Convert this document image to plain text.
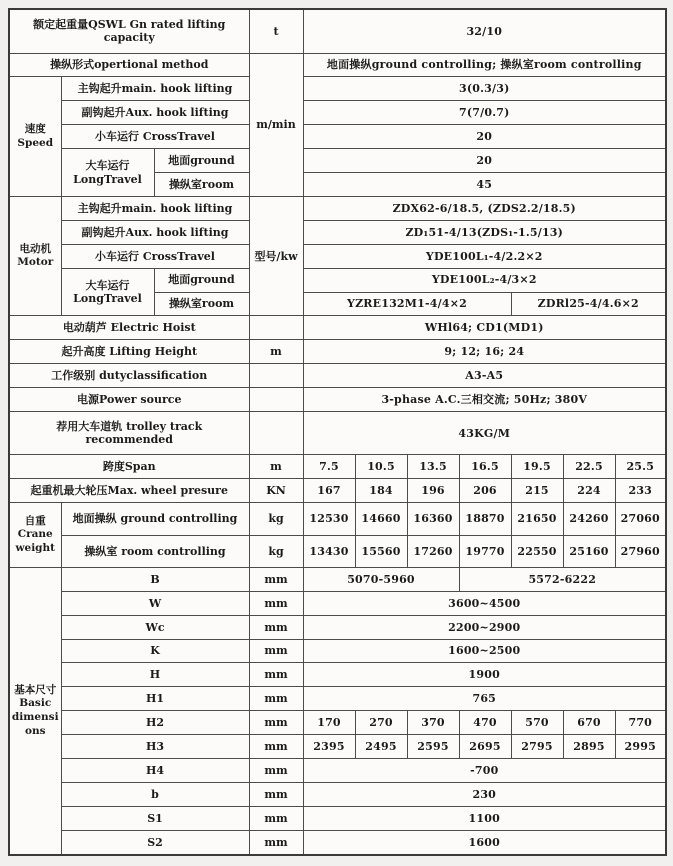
额定起重量QSWL Gn rated lifting capacity			t	32/10						
操纵形式opertional method			m/min	地面操纵ground controlling; 操纵室room controlling						

速度
Speed	主钩起升main. hook lifting			3(0.3/3)						
	副钩起升Aux. hook lifting			7(7/0.7)						
	小车运行 CrossTravel			20						

	大车运行
LongTravel	地面ground		20						
		操纵室room		45						

电动机
Motor	主钩起升main. hook lifting		型号/kw	ZDX62-6/18.5, (ZDS2.2/18.5)						
	副钩起升Aux. hook lifting			ZD₁51-4/13(ZDS₁-1.5/13)						
	小车运行 CrossTravel			YDE100L₁-4/2.2×2						

	大车运行
LongTravel	地面ground		YDE100L₂-4/3×2						
		操纵室room		YZRE132M1-4/4×2				ZDRl25-4/4.6×2		
电动葫芦 Electric Hoist				WHl64; CD1(MD1)						
起升高度 Lifting Height			m	9; 12; 16; 24						
工作级别 dutyclassification				A3-A5						
电源Power source				3-phase A.C.三相交流; 50Hz; 380V						
荐用大车道轨 trolley track recommended				43KG/M						
跨度Span			m	7.5	10.5	13.5	16.5	19.5	22.5	25.5
起重机最大轮压Max. wheel presure			KN	167	184	196	206	215	224	233

自重
Crane weight	地面操纵 ground controlling		kg	12530	14660	16360	18870	21650	24260	27060
	操纵室 room controlling		kg	13430	15560	17260	19770	22550	25160	27960

基本尺寸
Basic dimensions	B		mm	5070-5960			5572-6222			
	W		mm	3600~4500						
	Wc		mm	2200~2900						
	K		mm	1600~2500						
	H		mm	1900						
	H1		mm	765						
	H2		mm	170	270	370	470	570	670	770
	H3		mm	2395	2495	2595	2695	2795	2895	2995
	H4		mm	-700						
	b		mm	230						
	S1		mm	1100						
	S2		mm	1600						
